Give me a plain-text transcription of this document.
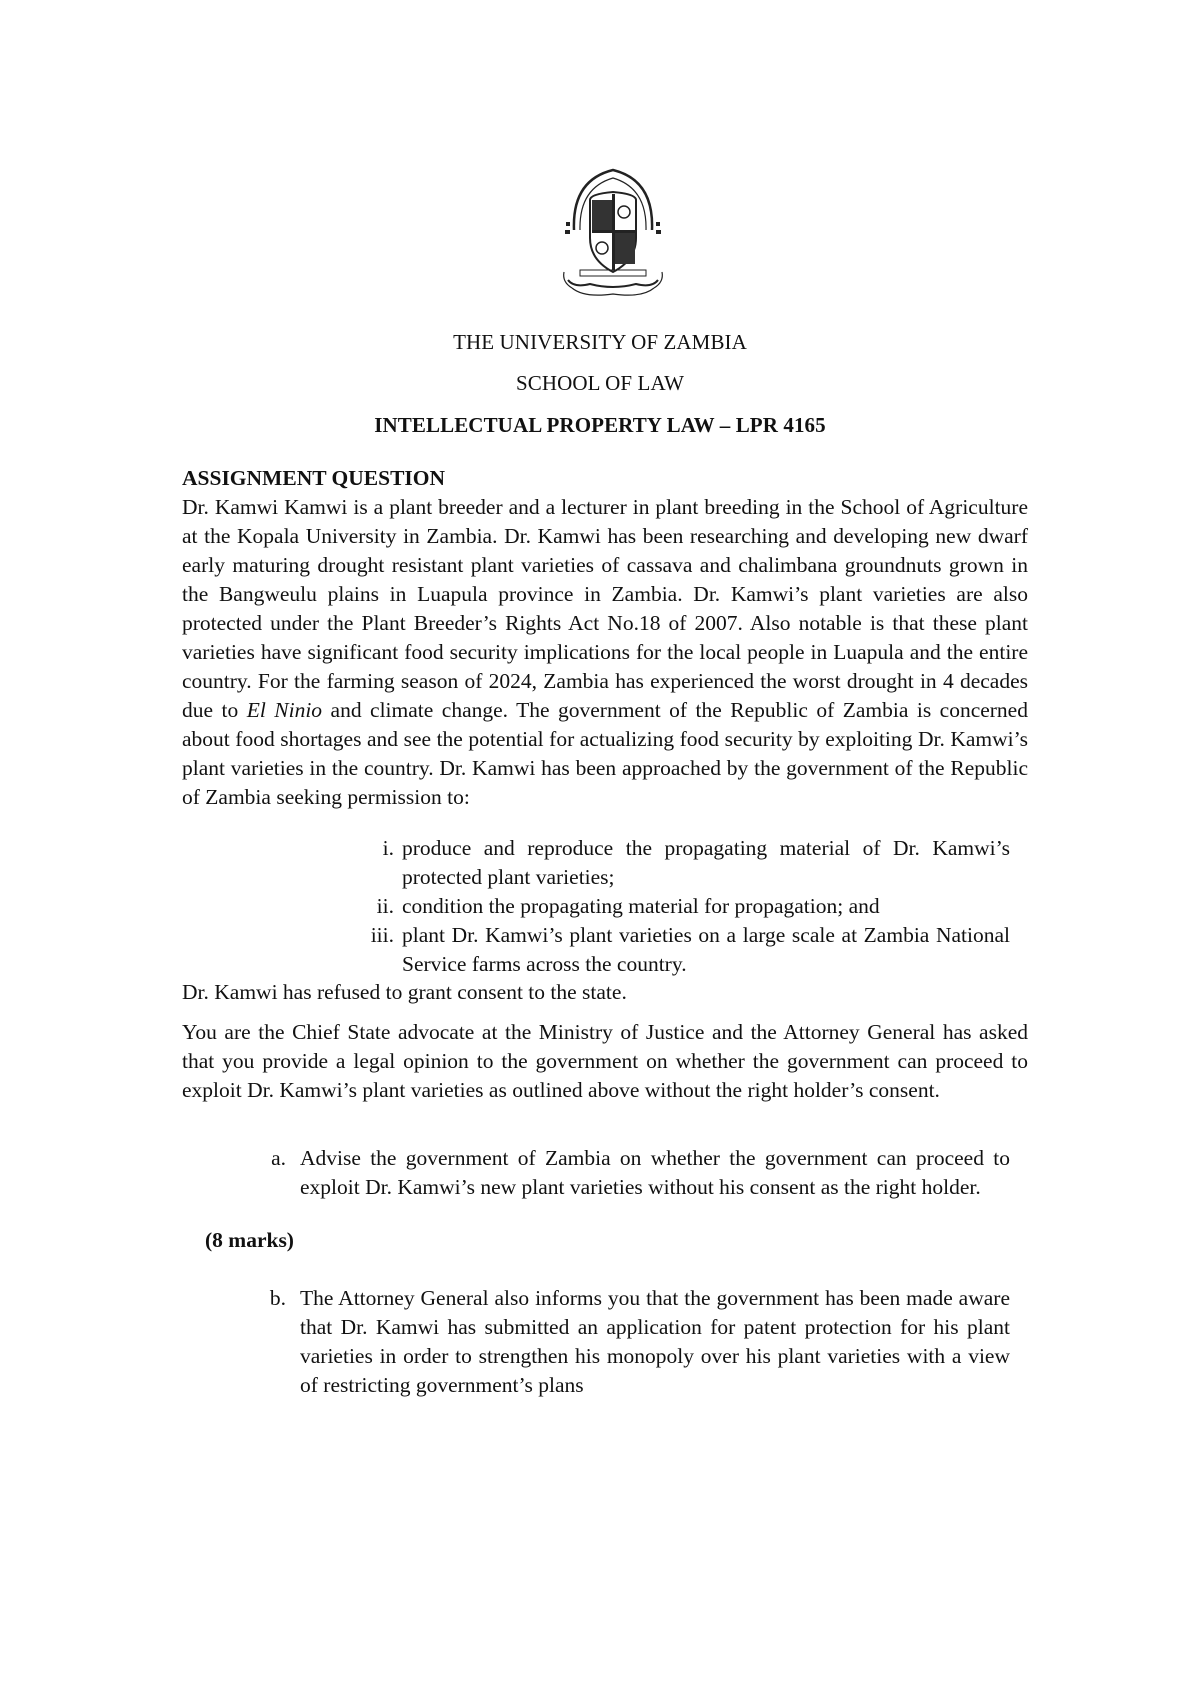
THE UNIVERSITY OF ZAMBIA
SCHOOL OF LAW
INTELLECTUAL PROPERTY LAW – LPR 4165
ASSIGNMENT QUESTION

Dr. Kamwi Kamwi is a plant breeder and a lecturer in plant breeding in the School of Agriculture at the Kopala University in Zambia. Dr. Kamwi has been researching and developing new dwarf early maturing drought resistant plant varieties of cassava and chalimbana groundnuts grown in the Bangweulu plains in Luapula province in Zambia. Dr. Kamwi’s plant varieties are also protected under the Plant Breeder’s Rights Act No.18 of 2007. Also notable is that these plant varieties have significant food security implications for the local people in Luapula and the entire country. For the farming season of 2024, Zambia has experienced the worst drought in 4 decades due to El Ninio and climate change. The government of the Republic of Zambia is concerned about food shortages and see the potential for actualizing food security by exploiting Dr. Kamwi’s plant varieties in the country. Dr. Kamwi has been approached by the government of the Republic of Zambia seeking permission to:

i. produce and reproduce the propagating material of Dr. Kamwi’s protected plant varieties;
ii. condition the propagating material for propagation; and
iii. plant Dr. Kamwi’s plant varieties on a large scale at Zambia National Service farms across the country.

Dr. Kamwi has refused to grant consent to the state.

You are the Chief State advocate at the Ministry of Justice and the Attorney General has asked that you provide a legal opinion to the government on whether the government can proceed to exploit Dr. Kamwi’s plant varieties as outlined above without the right holder’s consent.

a. Advise the government of Zambia on whether the government can proceed to exploit Dr. Kamwi’s new plant varieties without his consent as the right holder.
(8 marks)
b. The Attorney General also informs you that the government has been made aware that Dr. Kamwi has submitted an application for patent protection for his plant varieties in order to strengthen his monopoly over his plant varieties with a view of restricting government’s plans
